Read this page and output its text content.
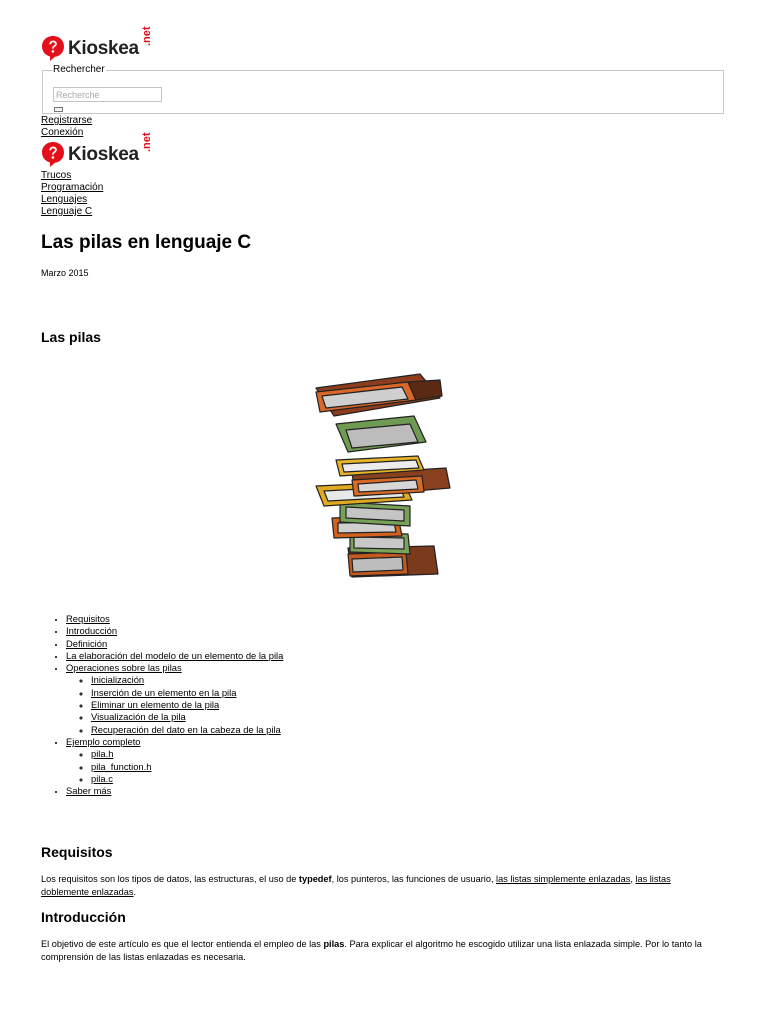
Kioskea
.net
Rechercher
Recherche
Registrarse
Conexión
Kioskea
.net
Trucos
Programación
Lenguajes
Lenguaje C
Las pilas en lenguaje C
Marzo 2015
Las pilas
• Requisitos
• Introducción
• Definición
• La elaboración del modelo de un elemento de la pila
• Operaciones sobre las pilas
◦ Inicialización
◦ Inserción de un elemento en la pila
◦ Eliminar un elemento de la pila
◦ Visualización de la pila
◦ Recuperación del dato en la cabeza de la pila
• Ejemplo completo
◦ pila.h
◦ pila_function.h
◦ pila.c
• Saber más
Requisitos

Los requisitos son los tipos de datos, las estructuras, el uso de typedef, los punteros, las funciones de usuario, las listas simplemente enlazadas, las listas doblemente enlazadas.

Introducción

El objetivo de este artículo es que el lector entienda el empleo de las pilas. Para explicar el algoritmo he escogido utilizar una lista enlazada simple. Por lo tanto la comprensión de las listas enlazadas es necesaria.
